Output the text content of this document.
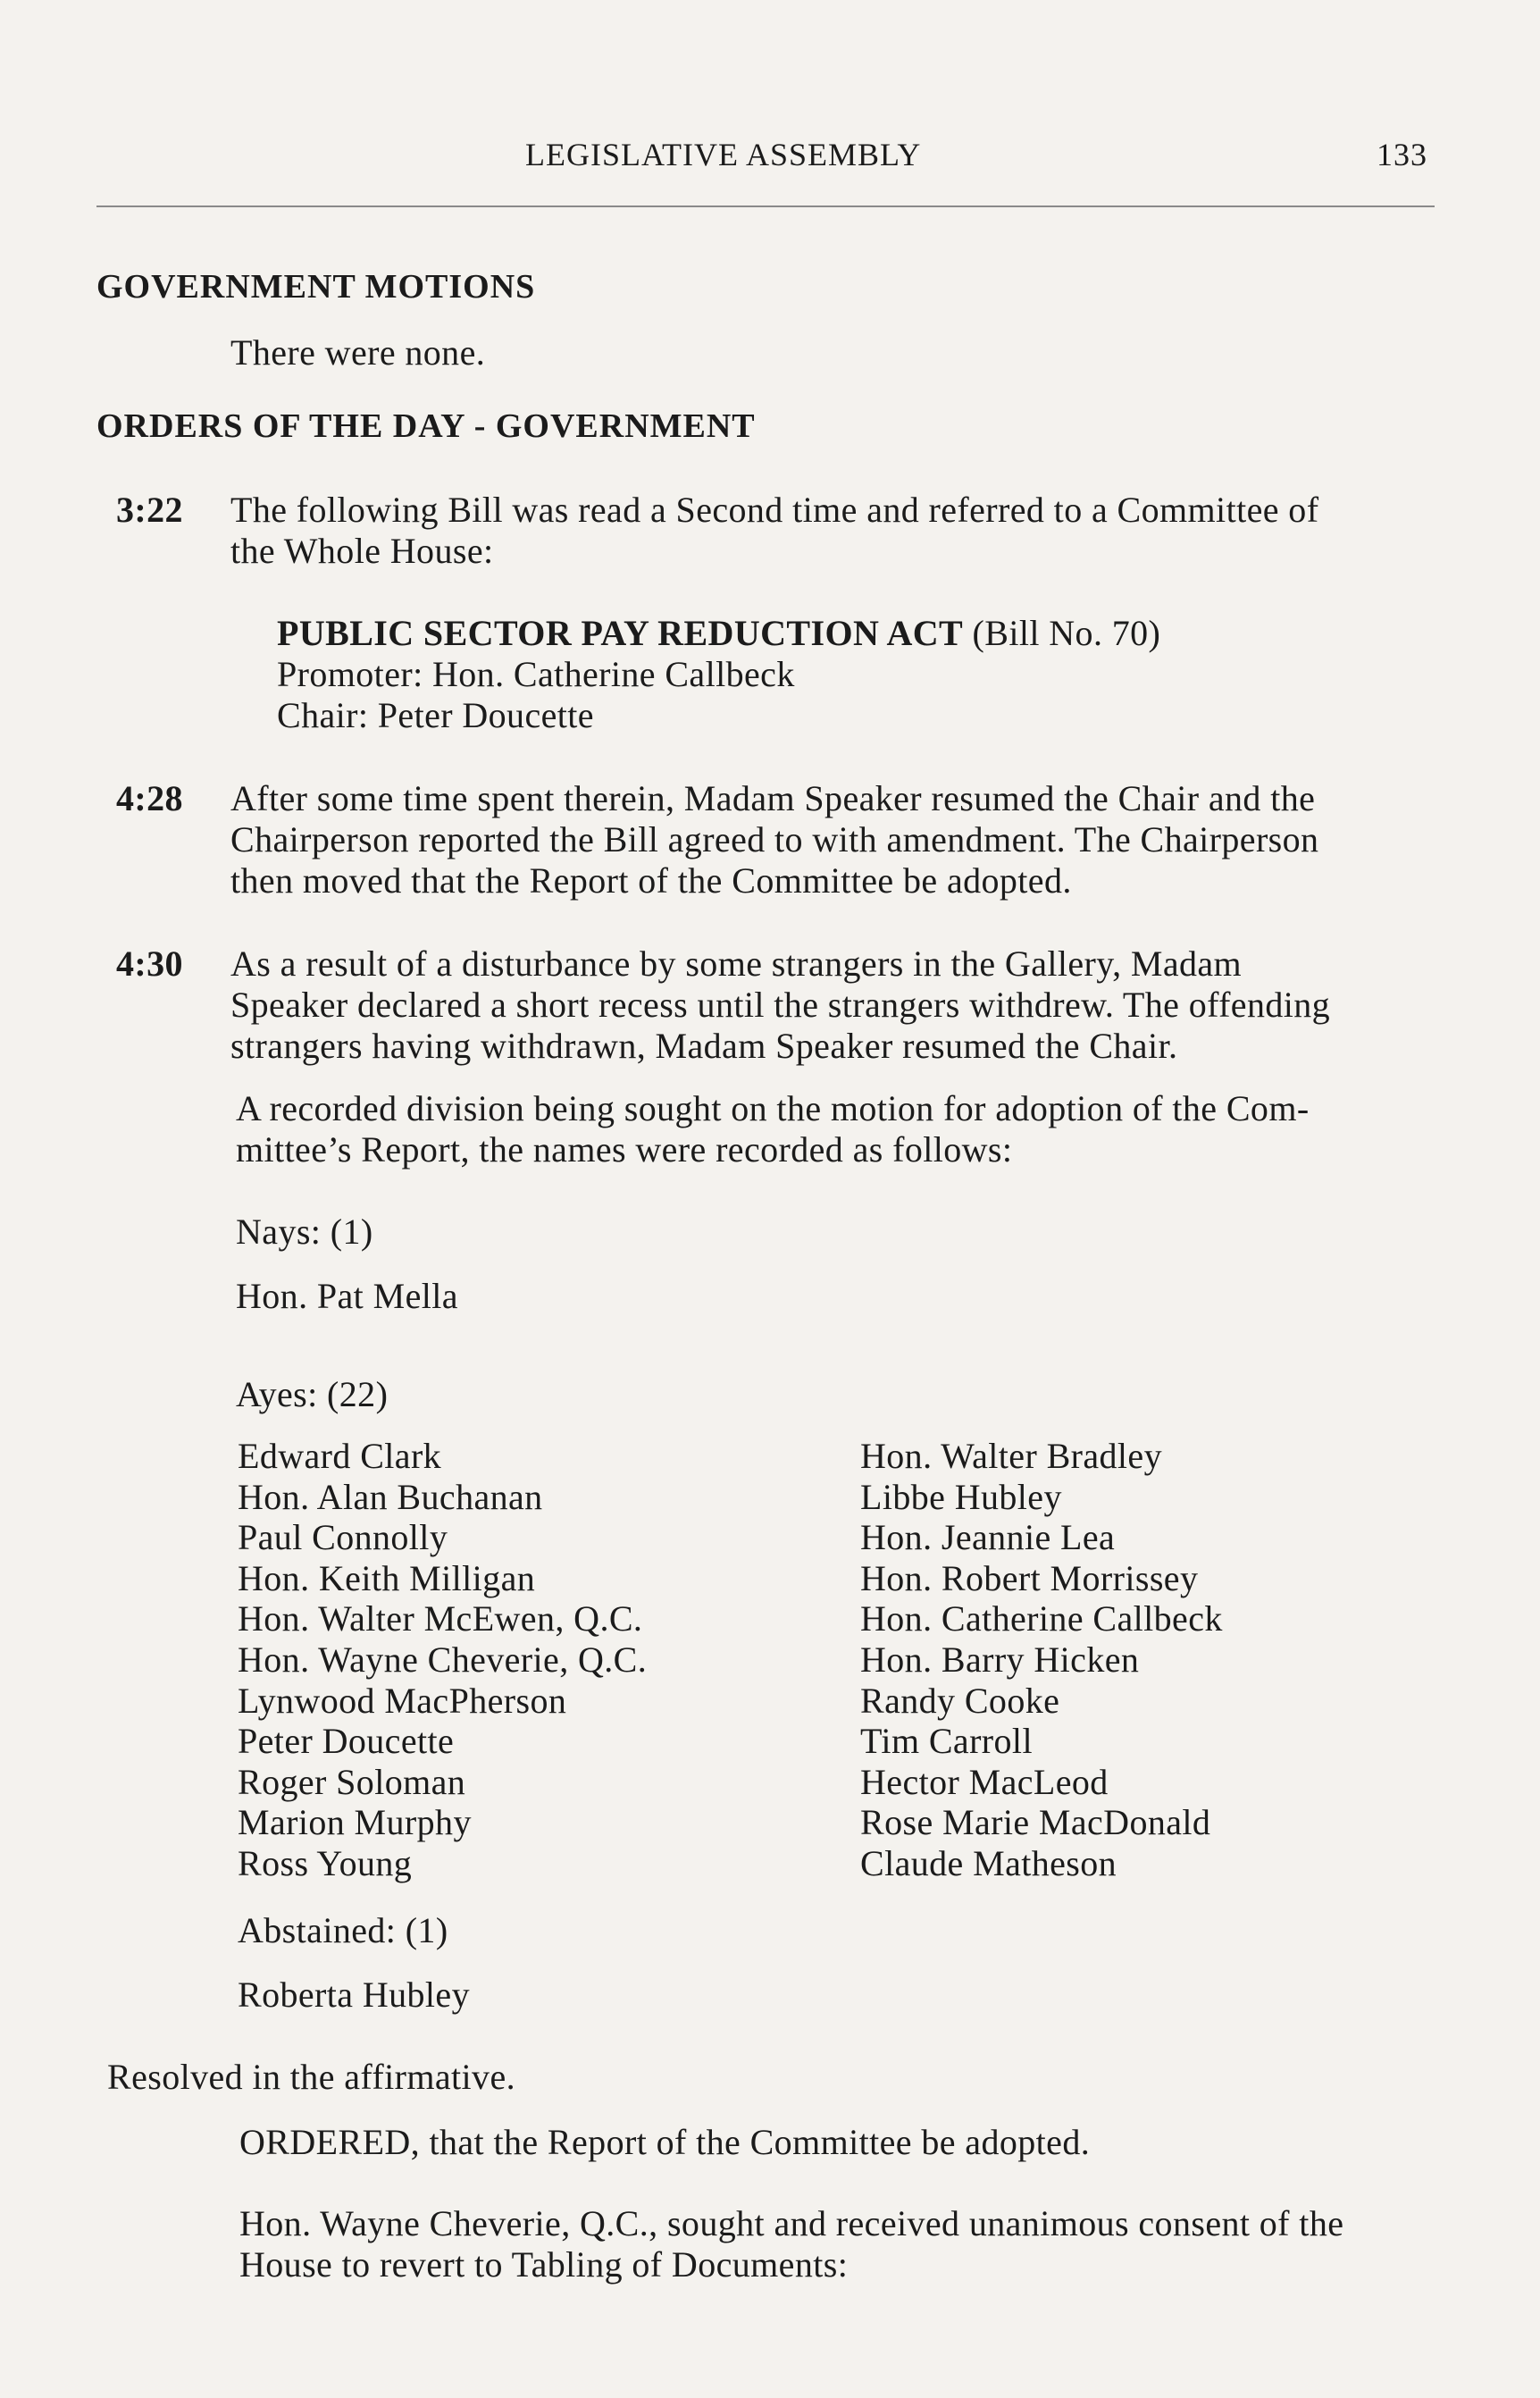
LEGISLATIVE ASSEMBLY	133
GOVERNMENT MOTIONS
There were none.
ORDERS OF THE DAY - GOVERNMENT
3:22 The following Bill was read a Second time and referred to a Committee of
the Whole House:
PUBLIC SECTOR PAY REDUCTION ACT (Bill No. 70)
Promoter: Hon. Catherine Callbeck
Chair: Peter Doucette
4:28 After some time spent therein, Madam Speaker resumed the Chair and the
Chairperson reported the Bill agreed to with amendment. The Chairperson
then moved that the Report of the Committee be adopted.
4:30 As a result of a disturbance by some strangers in the Gallery, Madam
Speaker declared a short recess until the strangers withdrew. The offending
strangers having withdrawn, Madam Speaker resumed the Chair.
A recorded division being sought on the motion for adoption of the Com-
mittee’s Report, the names were recorded as follows:
Nays: (1)
Hon. Pat Mella
Ayes: (22)
Edward Clark
Hon. Alan Buchanan
Paul Connolly
Hon. Keith Milligan
Hon. Walter McEwen, Q.C.
Hon. Wayne Cheverie, Q.C.
Lynwood MacPherson
Peter Doucette
Roger Soloman
Marion Murphy
Ross Young
Hon. Walter Bradley
Libbe Hubley
Hon. Jeannie Lea
Hon. Robert Morrissey
Hon. Catherine Callbeck
Hon. Barry Hicken
Randy Cooke
Tim Carroll
Hector MacLeod
Rose Marie MacDonald
Claude Matheson
Abstained: (1)
Roberta Hubley
Resolved in the affirmative.
ORDERED, that the Report of the Committee be adopted.
Hon. Wayne Cheverie, Q.C., sought and received unanimous consent of the
House to revert to Tabling of Documents:
